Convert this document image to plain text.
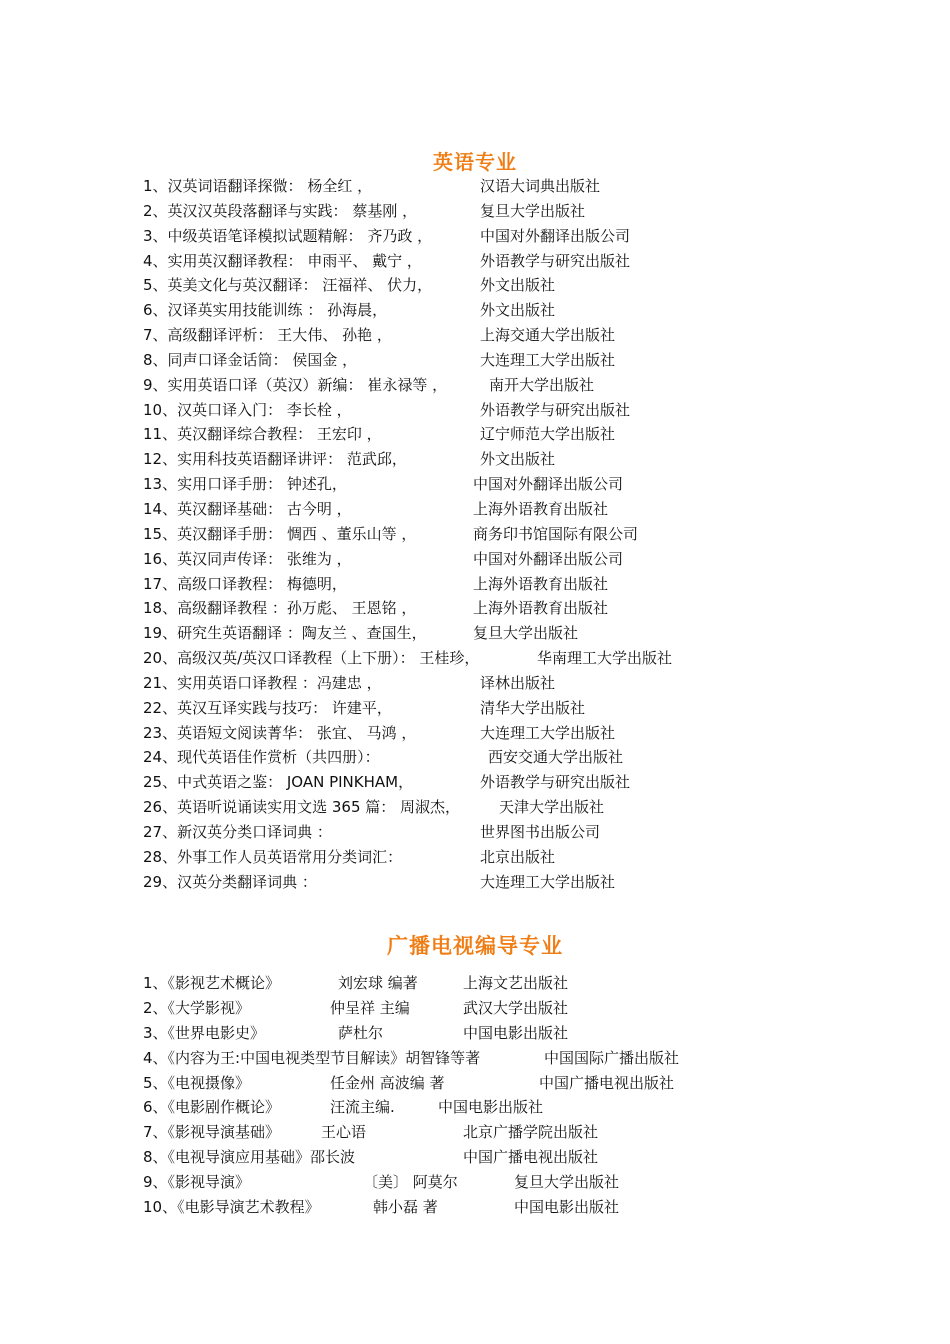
英语专业
1、汉英词语翻译探微： 杨全红 ，	汉语大词典出版社
2、英汉汉英段落翻译与实践： 蔡基刚 ，	复旦大学出版社
3、中级英语笔译模拟试题精解： 齐乃政 ，	中国对外翻译出版公司
4、实用英汉翻译教程： 申雨平、 戴宁 ，	外语教学与研究出版社
5、英美文化与英汉翻译： 汪福祥、 伏力，	外文出版社
6、汉译英实用技能训练 ： 孙海晨，	外文出版社
7、高级翻译评析： 王大伟、 孙艳 ，	上海交通大学出版社
8、同声口译金话筒： 侯国金 ，	大连理工大学出版社
9、实用英语口译（英汉）新编： 崔永禄等 ，	南开大学出版社
10、汉英口译入门： 李长栓 ，	外语教学与研究出版社
11、英汉翻译综合教程： 王宏印 ，	辽宁师范大学出版社
12、实用科技英语翻译讲评： 范武邱，	外文出版社
13、实用口译手册： 钟述孔，	中国对外翻译出版公司
14、英汉翻译基础： 古今明 ，	上海外语教育出版社
15、英汉翻译手册： 惆西 、董乐山等 ，	商务印书馆国际有限公司
16、英汉同声传译： 张维为 ，	中国对外翻译出版公司
17、高级口译教程： 梅德明，	上海外语教育出版社
18、高级翻译教程 ：孙万彪、 王恩铭 ，	上海外语教育出版社
19、研究生英语翻译 ：陶友兰 、查国生，	复旦大学出版社
20、高级汉英/英汉口译教程（上下册）： 王桂珍，	华南理工大学出版社
21、实用英语口译教程 ：冯建忠 ，	译林出版社
22、英汉互译实践与技巧： 许建平，	清华大学出版社
23、英语短文阅读菁华： 张宜、 马鸿 ，	大连理工大学出版社
24、现代英语佳作赏析（共四册）：	西安交通大学出版社
25、中式英语之鉴： JOAN PINKHAM，	外语教学与研究出版社
26、英语听说诵读实用文选 365 篇： 周淑杰，	天津大学出版社
27、新汉英分类口译词典 ：	世界图书出版公司
28、外事工作人员英语常用分类词汇：	北京出版社
29、汉英分类翻译词典 ：	大连理工大学出版社
广播电视编导专业
1、《影视艺术概论》	刘宏球 编著	上海文艺出版社
2、《大学影视》	仲呈祥 主编	武汉大学出版社
3、《世界电影史》	萨杜尔	中国电影出版社
4、《内容为王:中国电视类型节目解读》胡智锋等著	中国国际广播出版社
5、《电视摄像》	任金州 高波编 著	中国广播电视出版社
6、《电影剧作概论》	汪流主编.	中国电影出版社
7、《影视导演基础》	王心语	北京广播学院出版社
8、《电视导演应用基础》邵长波	中国广播电视出版社
9、《影视导演》	〔美〕 阿莫尔	复旦大学出版社
10、《电影导演艺术教程》	韩小磊 著	中国电影出版社
